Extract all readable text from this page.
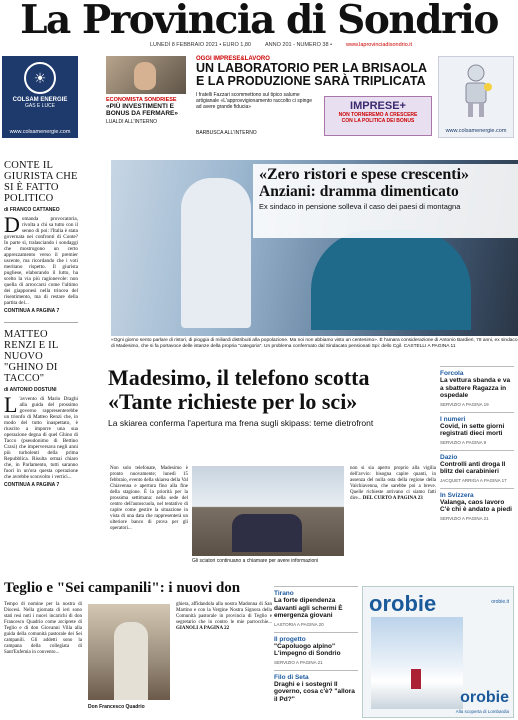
La Provincia di Sondrio
LUNEDÌ 8 FEBBRAIO 2021 • EURO 1,80	ANNO 201 - NUMERO 38 •	www.laprovinciadisondrio.it
☀
COLSAM ENERGIE
GAS E LUCE
www.colsamenergie.com
ECONOMISTA SONDRIESE
«PIÙ INVESTIMENTI E BONUS DA FERMARE»
LUALDI ALL'INTERNO
OGGI IMPRESE&LAVORO
UN LABORATORIO PER LA BRISAOLA
E LA PRODUZIONE SARÀ TRIPLICATA
I fratelli Fazzari scommettono sul tipico salume artigianale «L'approvvigionamento raccolto ci spinge ad avere grande fiducia»
BARBUSCA ALL'INTERNO
IMPRESE+
NON TORNEREMO A CRESCERE
CON LA POLITICA DEI BONUS
www.colsamenergie.com
CONTE IL GIURISTA CHE SI È FATTO POLITICO
di FRANCO CATTANEO

Domanda provocatoria, rivolta a chi sa tutto con il senno di poi: l'Italia è stata governata nei confronti di Conte? In parte sì, tralasciando i sondaggi che mostrugono un certo apprezzamento verso il premier uscente, ma ricordando che i voti meritano rispetto. Il giurista pugliese, elaborando il lutto, ha scelto la via più ragionevole: non quella di arroccarsi come l'ultimo dei giapponesi nella trincea del risentimento, ma di restare della partita del...

CONTINUA A PAGINA 7
MATTEO RENZI E IL NUOVO "GHINO DI TACCO"
di ANTONIO DOSTUNI

L 'avvento di Mario Draghi alla guida del prossimo governo rappresenterebbe un trionfo di Matteo Renzi che, in modo del tutto inaspettato, è riuscito a imporre una sua operazione degna di quel Ghino di Tacco (pseudonimo di Bettino Craxi) che imperversava negli anni più turbolenti della prima Repubblica. Risulta ormai chiaro che, in Parlamento, tutti saranno fuori in un'ora questa operazione che avrebbe sconvolto i vertici...

CONTINUA A PAGINA 7
«Zero ristori e spese crescenti»
Anziani: dramma dimenticato
Ex sindaco in pensione solleva il caso dei paesi di montagna
«Ogni giorno sento parlare di ristori, di pioggia di miliardi distribuiti alla popolazione. Ma noi non abbiamo visto un centesimo». È l'amara considerazione di Antonio Bardieri, 78 anni, ex sindaco di Madesimo, che si fa portavoce delle istanze della propria "categoria". Un problema confermato dal Sindacato pensionati Spi: dello Cgil. CASTELLI A PAGINA 11
Madesimo, il telefono scotta
«Tante richieste per lo sci»
La skiarea conferma l'apertura ma frena sugli skipass: teme dietrofront
Non solo telefonate, Madesimo è pronto nuovamente; lunedì 15 febbraio, evento della skiarea della Val Chiavenna e apertura fino alla fine della stagione. È la priorità per la prossima settimana: nella sede del centro dell'autoscuola, nel tentativo di capire come gestire la situazione in vista di una data che rappresenterà un ulteriore banco di prova per gli operatori...
Gli sciatori continuano a chiamare per avere informazioni
non si sia aperto proprio alla vigilia dell'avvio: bisogna capire quanti, in assenza del nulla osta della regione della Valchiavenna, che sarebbe poi a breve. Quelle richieste arrivano ci siamo fatti dire... DEL CURTO A PAGINA 23
Forcola
La vettura sbanda e va a sbattere Ragazza in ospedale
SERVIZIO A PAGINA 19
I numeri
Covid, in sette giorni registrati dieci morti
SERVIZIO A PAGINA 9
Dazio
Controlli anti droga Il blitz dei carabinieri
JACQUET ARRIGA A PAGINA 17
In Svizzera
Valanga, caos lavoro C'è chi è andato a piedi
SERVIZIO A PAGINA 21
Teglio e "Sei campanili": i nuovi don
Tempo di nomine per la nostra di Diocesi. Nella giornata di ieri sono stati resi noti i nuovi incarichi di don Francesco Quadrio come arciprete di Teglio e di don Giovanni Villa alla guida della comunità pastorale dei Sei campanili. Gli addetti sono la campana della collegiata di Sant'Eufemia in convento...
Don Francesco Quadrio
ghiera, affidandola alla nostra Madonna di San Martino e con la Vergine Nostra Signora della Comunità pastorale in provincia di Teglio e segretario che in contro le mie parrocchie... GIANOLI A PAGINA 22
Tirano
La forte dipendenza davanti agli schermi È emergenza giovani
LASTORIA A PAGINA 20
Il progetto
"Capoluogo alpino" L'impegno di Sondrio
SERVIZIO A PAGINA 21
Filo di Seta
Draghi e i sostegni Il governo, cosa c'è? "allora il Pd?"
orobie	orobie.it
orobie
Alla scoperta di Lombardia
